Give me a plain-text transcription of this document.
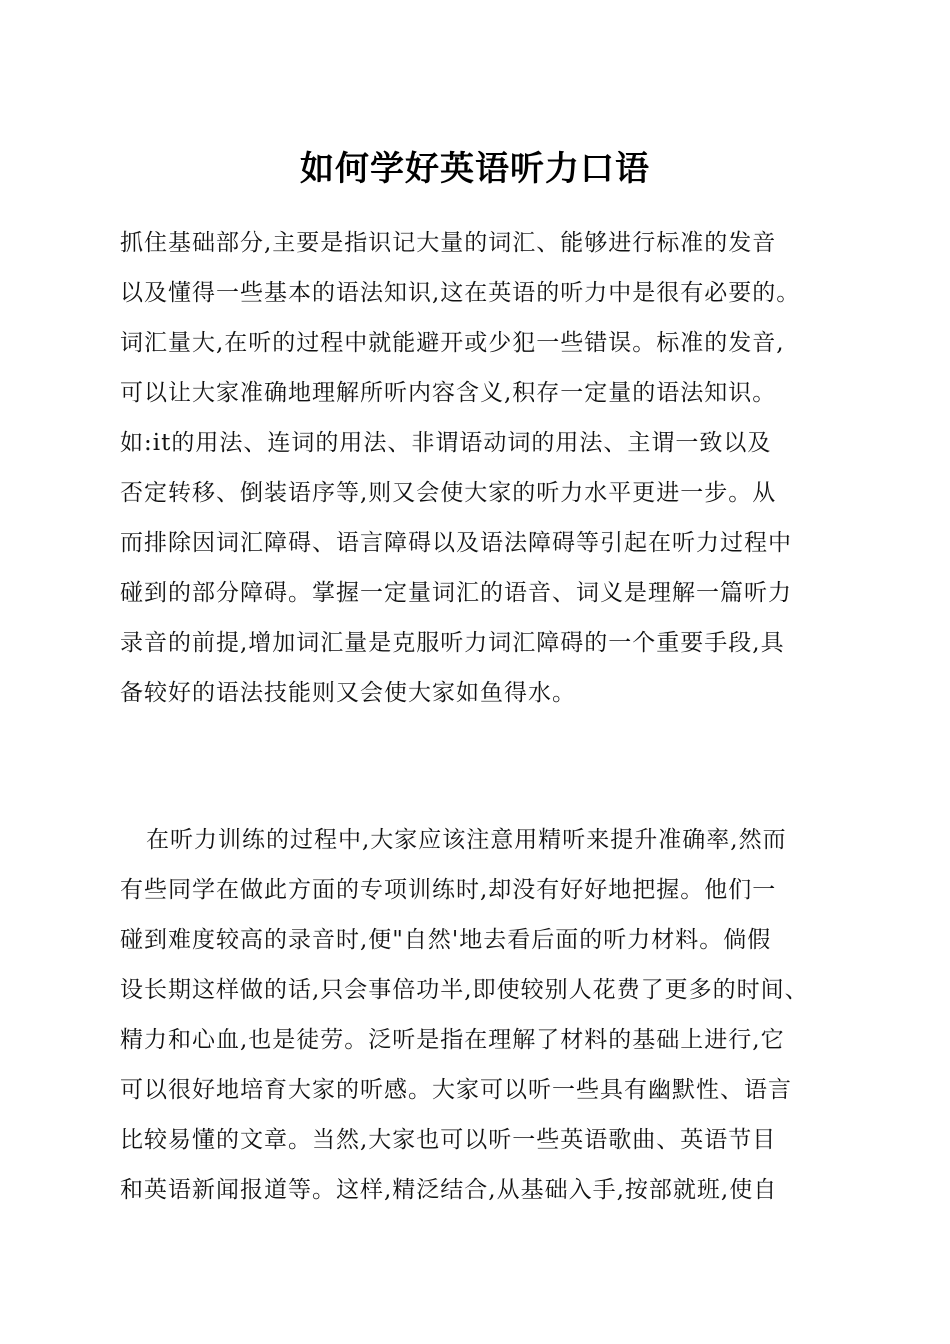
如何学好英语听力口语
抓住基础部分,主要是指识记大量的词汇、能够进行标准的发音
以及懂得一些基本的语法知识,这在英语的听力中是很有必要的。
词汇量大,在听的过程中就能避开或少犯一些错误。标准的发音,
可以让大家准确地理解所听内容含义,积存一定量的语法知识。
如:it的用法、连词的用法、非谓语动词的用法、主谓一致以及
否定转移、倒装语序等,则又会使大家的听力水平更进一步。从
而排除因词汇障碍、语言障碍以及语法障碍等引起在听力过程中
碰到的部分障碍。掌握一定量词汇的语音、词义是理解一篇听力
录音的前提,增加词汇量是克服听力词汇障碍的一个重要手段,具
备较好的语法技能则又会使大家如鱼得水。
在听力训练的过程中,大家应该注意用精听来提升准确率,然而
有些同学在做此方面的专项训练时,却没有好好地把握。他们一
碰到难度较高的录音时,便"自然'地去看后面的听力材料。倘假
设长期这样做的话,只会事倍功半,即使较别人花费了更多的时间、
精力和心血,也是徒劳。泛听是指在理解了材料的基础上进行,它
可以很好地培育大家的听感。大家可以听一些具有幽默性、语言
比较易懂的文章。当然,大家也可以听一些英语歌曲、英语节目
和英语新闻报道等。这样,精泛结合,从基础入手,按部就班,使自
